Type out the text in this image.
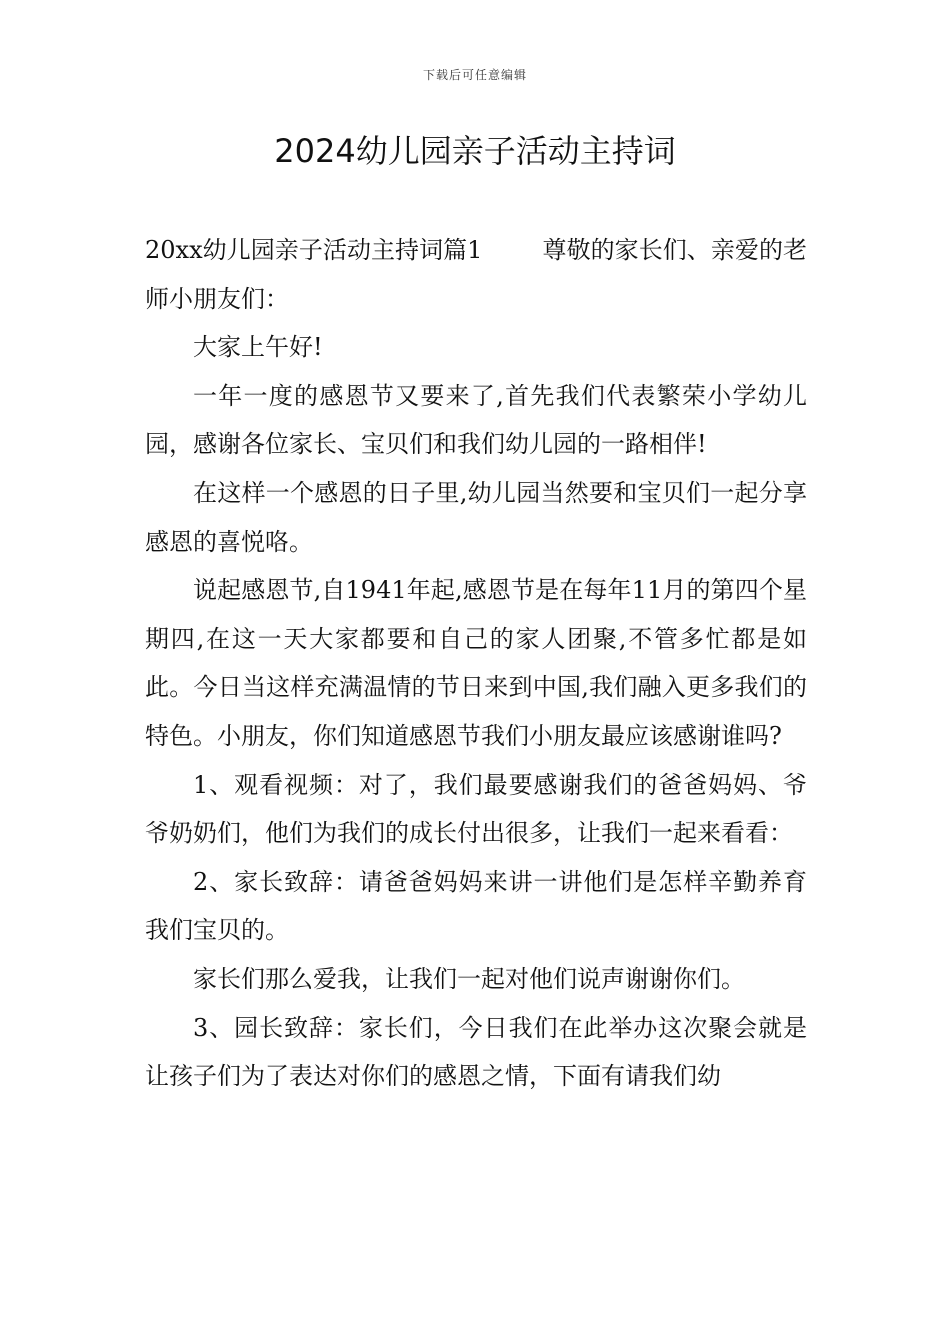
下载后可任意编辑
2024幼儿园亲子活动主持词

20xx幼儿园亲子活动主持词篇1	尊敬的家长们、亲爱的老师小朋友们：

大家上午好!

一年一度的感恩节又要来了,首先我们代表繁荣小学幼儿园，感谢各位家长、宝贝们和我们幼儿园的一路相伴!

在这样一个感恩的日子里,幼儿园当然要和宝贝们一起分享感恩的喜悦咯。

说起感恩节,自1941年起,感恩节是在每年11月的第四个星期四,在这一天大家都要和自己的家人团聚,不管多忙都是如此。今日当这样充满温情的节日来到中国,我们融入更多我们的特色。小朋友，你们知道感恩节我们小朋友最应该感谢谁吗?

1、观看视频：对了，我们最要感谢我们的爸爸妈妈、爷爷奶奶们，他们为我们的成长付出很多，让我们一起来看看：

2、家长致辞：请爸爸妈妈来讲一讲他们是怎样辛勤养育我们宝贝的。

家长们那么爱我，让我们一起对他们说声谢谢你们。

3、园长致辞：家长们，今日我们在此举办这次聚会就是让孩子们为了表达对你们的感恩之情，下面有请我们幼
